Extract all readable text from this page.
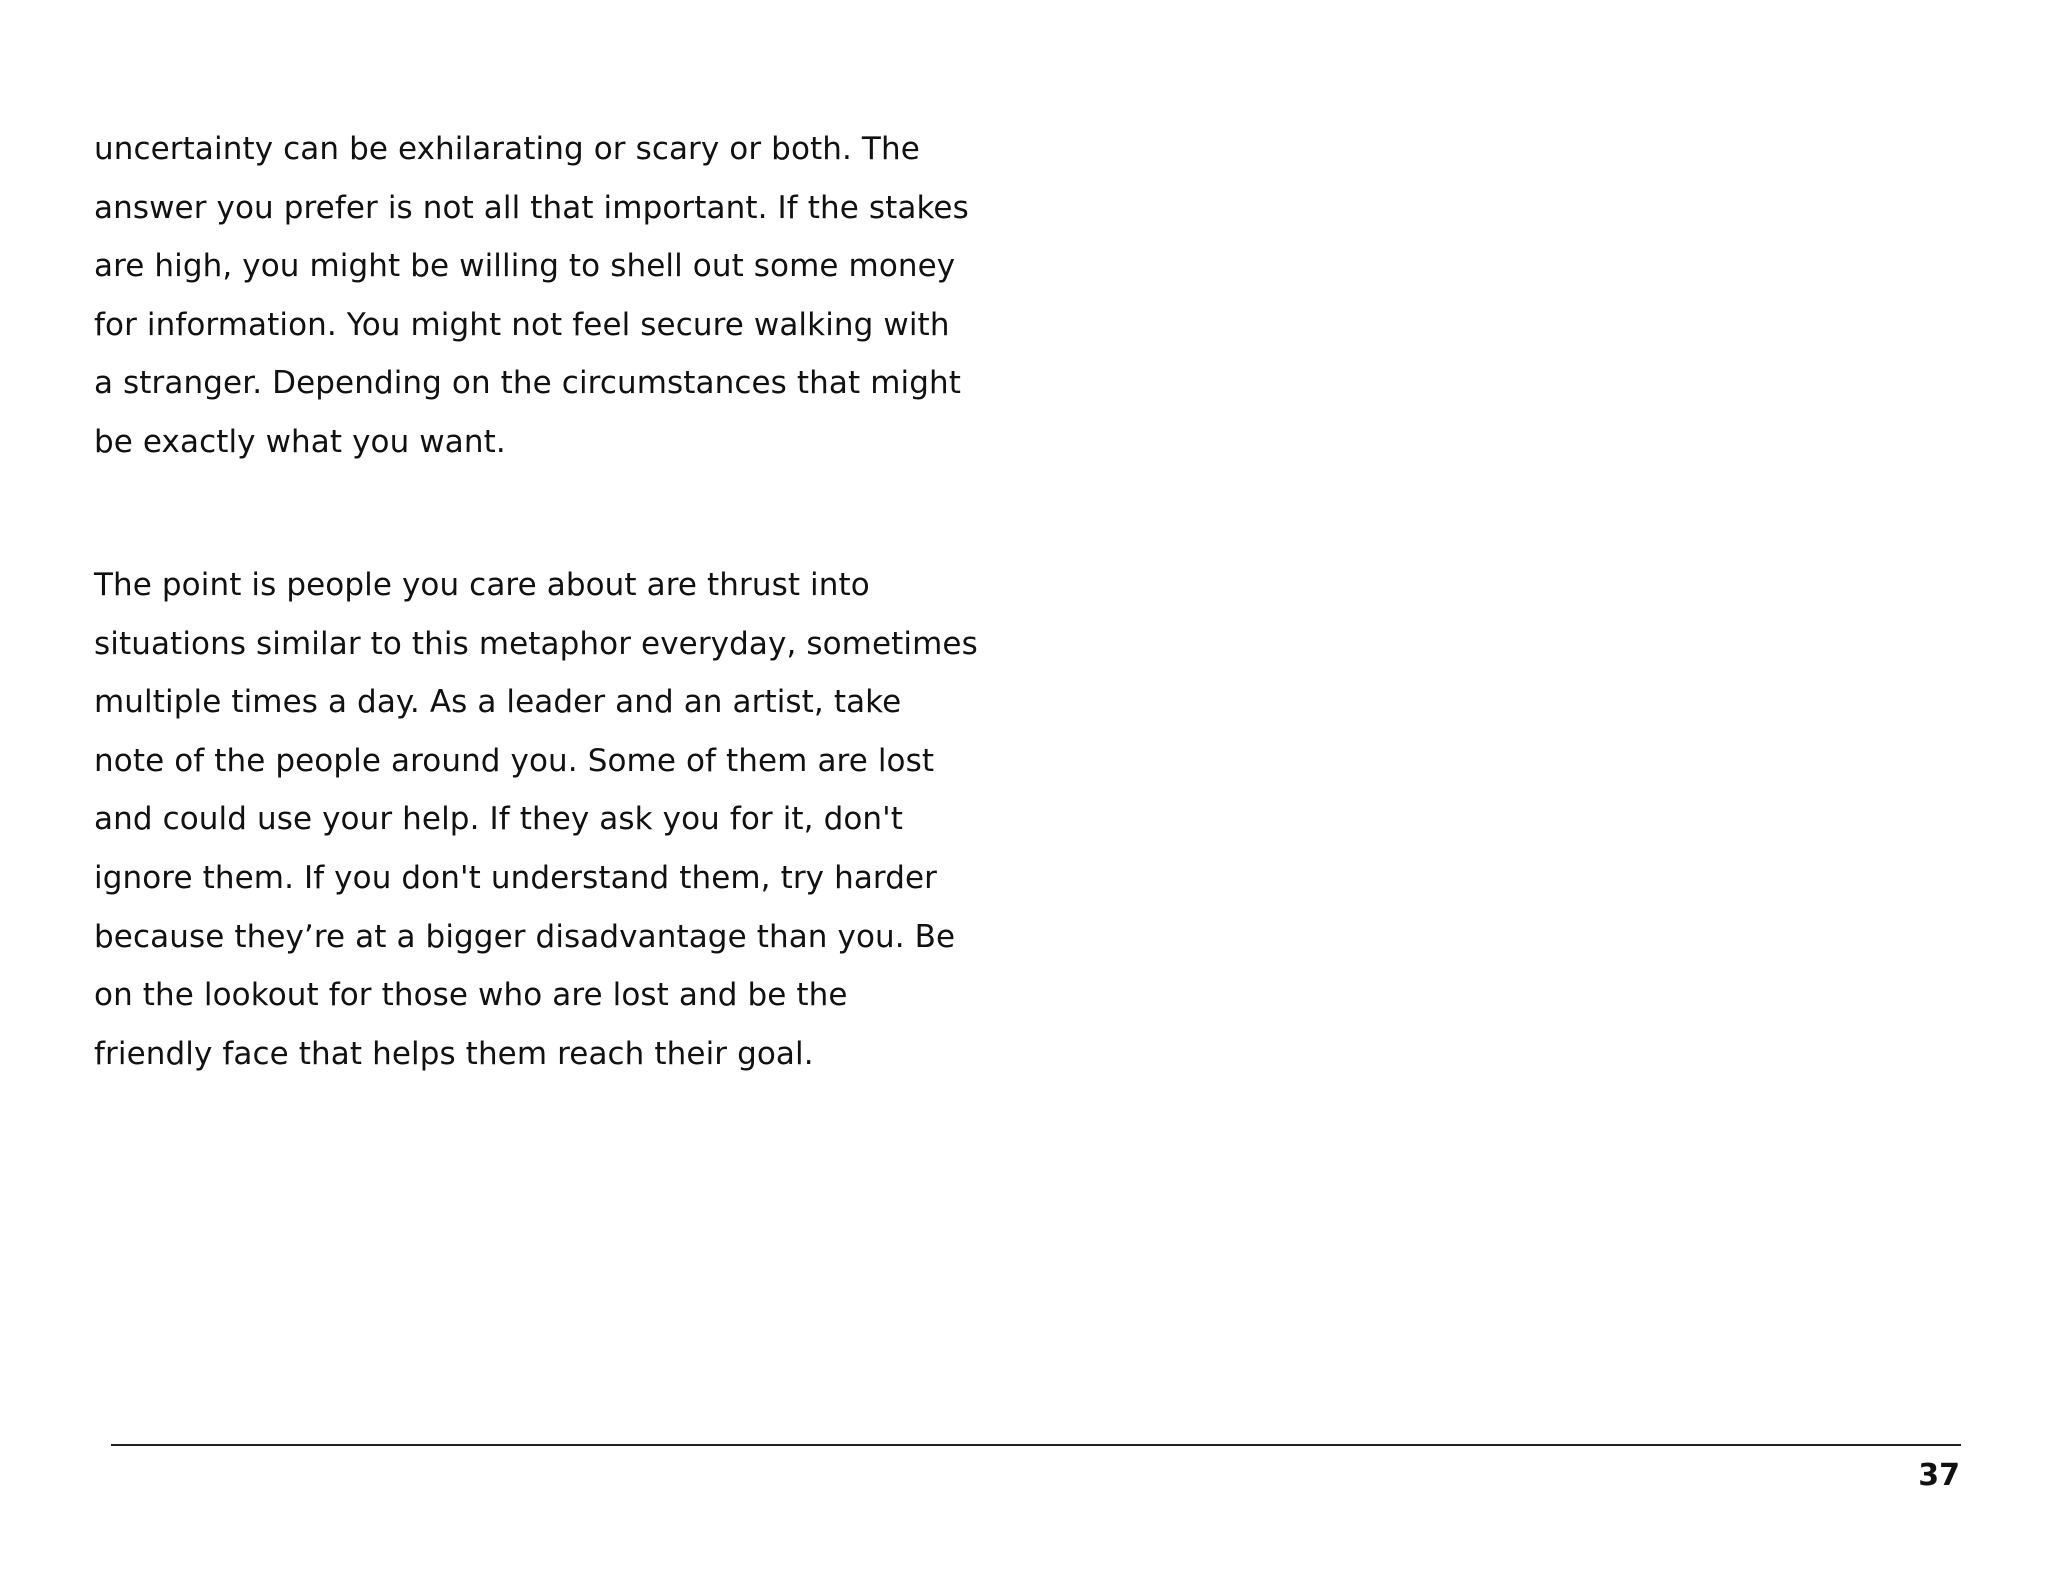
uncertainty can be exhilarating or scary or both. The
answer you prefer is not all that important. If the stakes
are high, you might be willing to shell out some money
for information. You might not feel secure walking with
a stranger. Depending on the circumstances that might
be exactly what you want.
The point is people you care about are thrust into
situations similar to this metaphor everyday, sometimes
multiple times a day. As a leader and an artist, take
note of the people around you. Some of them are lost
and could use your help. If they ask you for it, don't
ignore them. If you don't understand them, try harder
because they’re at a bigger disadvantage than you. Be
on the lookout for those who are lost and be the
friendly face that helps them reach their goal.
37
